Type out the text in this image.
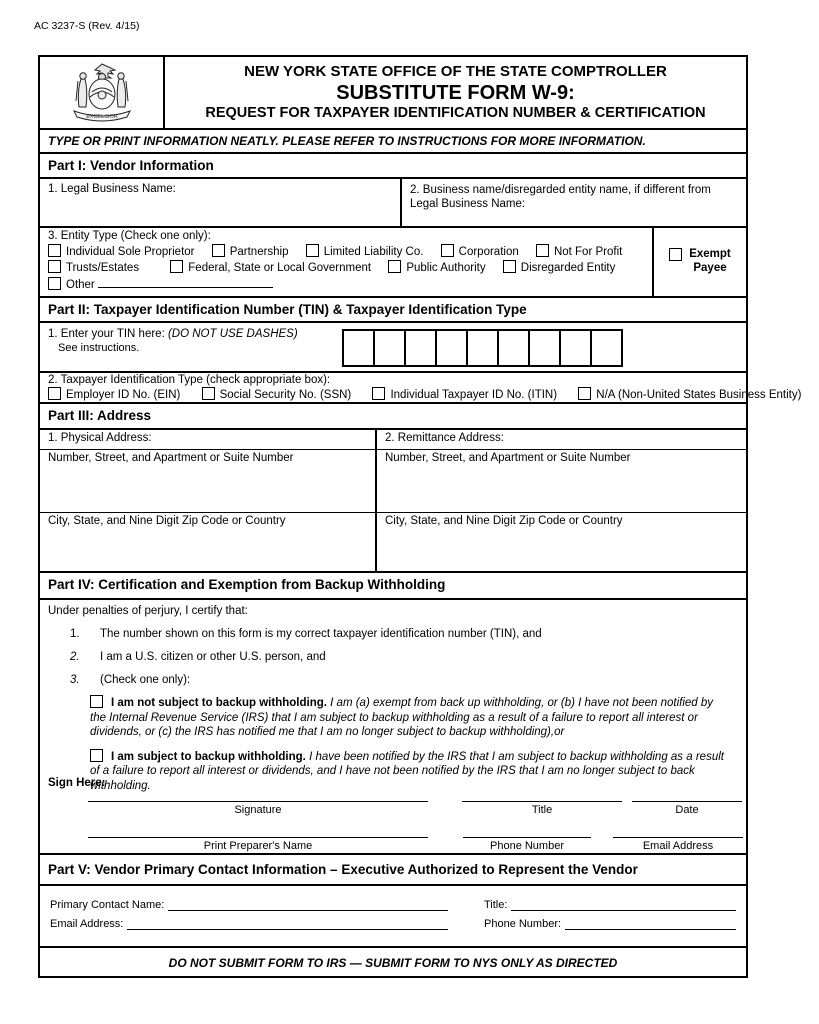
AC 3237-S (Rev. 4/15)
EXCELSIOR
NEW YORK STATE OFFICE OF THE STATE COMPTROLLER
SUBSTITUTE FORM W-9:
REQUEST FOR TAXPAYER IDENTIFICATION NUMBER & CERTIFICATION
TYPE OR PRINT INFORMATION NEATLY. PLEASE REFER TO INSTRUCTIONS FOR MORE INFORMATION.
Part I: Vendor Information
1. Legal Business Name:	2. Business name/disregarded entity name, if different from Legal Business Name:
3. Entity Type (Check one only):
Individual Sole Proprietor	Partnership	Limited Liability Co.	Corporation	Not For Profit
Trusts/Estates	Federal, State or Local Government	Public Authority	Disregarded Entity
Other
Exempt
Payee
Part II: Taxpayer Identification Number (TIN) & Taxpayer Identification Type
1. Enter your TIN here: (DO NOT USE DASHES)
See instructions.
2. Taxpayer Identification Type (check appropriate box):
Employer ID No. (EIN)	Social Security No. (SSN)	Individual Taxpayer ID No. (ITIN)	N/A (Non-United States Business Entity)
Part III: Address
1. Physical Address:	2. Remittance Address:
Number, Street, and Apartment or Suite Number	Number, Street, and Apartment or Suite Number
City, State, and Nine Digit Zip Code or Country	City, State, and Nine Digit Zip Code or Country
Part IV: Certification and Exemption from Backup Withholding
Under penalties of perjury, I certify that:
1.	The number shown on this form is my correct taxpayer identification number (TIN), and
2.	I am a U.S. citizen or other U.S. person, and
3.	(Check one only):
I am not subject to backup withholding. I am (a) exempt from back up withholding, or (b) I have not been notified by the Internal Revenue Service (IRS) that I am subject to backup withholding as a result of a failure to report all interest or dividends, or (c) the IRS has notified me that I am no longer subject to backup withholding),or
I am subject to backup withholding. I have been notified by the IRS that I am subject to backup withholding as a result of a failure to report all interest or dividends, and I have not been notified by the IRS that I am no longer subject to back withholding.
Sign Here:
Signature	Title	Date
Print Preparer's Name	Phone Number	Email Address
Part V: Vendor Primary Contact Information – Executive Authorized to Represent the Vendor
Primary Contact Name:	Title:
Email Address:	Phone Number:
DO NOT SUBMIT FORM TO IRS — SUBMIT FORM TO NYS ONLY AS DIRECTED
